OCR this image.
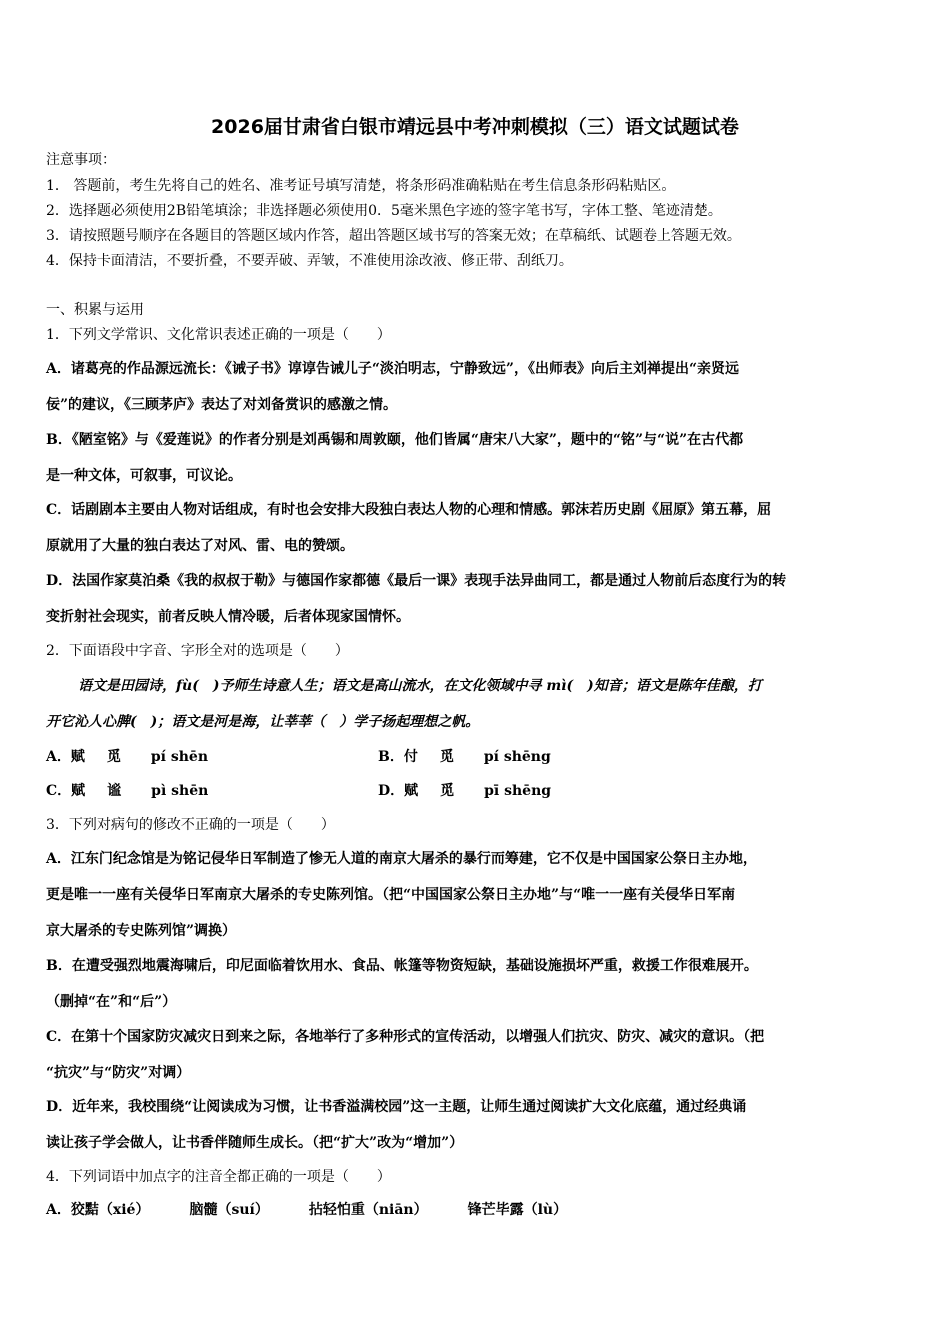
2026届甘肃省白银市靖远县中考冲刺模拟（三）语文试题试卷
注意事项：
1． 答题前，考生先将自己的姓名、准考证号填写清楚，将条形码准确粘贴在考生信息条形码粘贴区。
2．选择题必须使用2B铅笔填涂；非选择题必须使用0．5毫米黑色字迹的签字笔书写，字体工整、笔迹清楚。
3．请按照题号顺序在各题目的答题区域内作答，超出答题区域书写的答案无效；在草稿纸、试题卷上答题无效。
4．保持卡面清洁，不要折叠，不要弄破、弄皱，不准使用涂改液、修正带、刮纸刀。
一、积累与运用
1．下列文学常识、文化常识表述正确的一项是（　　）
A．诸葛亮的作品源远流长：《诫子书》谆谆告诫儿子“淡泊明志，宁静致远”，《出师表》向后主刘禅提出“亲贤远
佞”的建议，《三顾茅庐》表达了对刘备赏识的感激之情。
B．《陋室铭》与《爱莲说》的作者分别是刘禹锡和周敦颐，他们皆属“唐宋八大家”，题中的“铭”与“说”在古代都
是一种文体，可叙事，可议论。
C．话剧剧本主要由人物对话组成，有时也会安排大段独白表达人物的心理和情感。郭沫若历史剧《屈原》第五幕，屈
原就用了大量的独白表达了对风、雷、电的赞颂。
D．法国作家莫泊桑《我的叔叔于勒》与德国作家都德《最后一课》表现手法异曲同工，都是通过人物前后态度行为的转
变折射社会现实，前者反映人情冷暖，后者体现家国情怀。
2．下面语段中字音、字形全对的选项是（　　）
语文是田园诗，fù(　)予师生诗意人生；语文是高山流水，在文化领域中寻 mì(　)知音；语文是陈年佳酿，打
开它沁人心脾(　)；语文是河是海，让莘莘（　）学子扬起理想之帆。
A．赋 觅 pí shēn	B．付 觅 pí shēng
C．赋 谧 pì shēn	D．赋 觅 pī shēng
3．下列对病句的修改不正确的一项是（　　）
A．江东门纪念馆是为铭记侵华日军制造了惨无人道的南京大屠杀的暴行而筹建，它不仅是中国国家公祭日主办地，
更是唯一一座有关侵华日军南京大屠杀的专史陈列馆。（把“中国国家公祭日主办地”与“唯一一座有关侵华日军南
京大屠杀的专史陈列馆”调换）
B．在遭受强烈地震海啸后，印尼面临着饮用水、食品、帐篷等物资短缺，基础设施损坏严重，救援工作很难展开。
（删掉“在”和“后”）
C．在第十个国家防灾减灾日到来之际，各地举行了多种形式的宣传活动，以增强人们抗灾、防灾、减灾的意识。（把
“抗灾”与“防灾”对调）
D．近年来，我校围绕“让阅读成为习惯，让书香溢满校园”这一主题，让师生通过阅读扩大文化底蕴，通过经典诵
读让孩子学会做人，让书香伴随师生成长。（把“扩大”改为“增加”）
4．下列词语中加点字的注音全都正确的一项是（　　）
A．狡黠（xié）	脑髓（suí）	拈轻怕重（niān）	锋芒毕露（lù）
